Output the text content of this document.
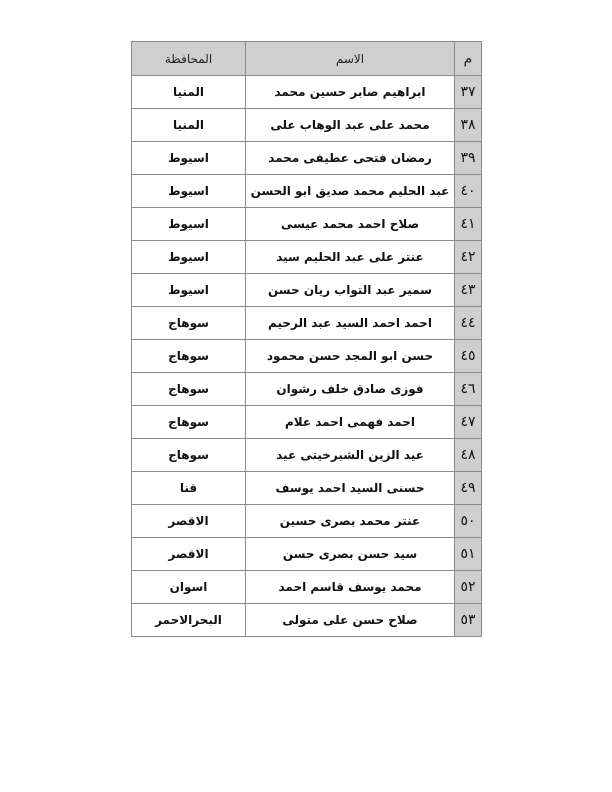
م	الاسم	المحافظة
٣٧	ابراهيم صابر حسين محمد	المنيا
٣٨	محمد على عبد الوهاب على	المنيا
٣٩	رمضان فتحى عطيفى محمد	اسيوط
٤٠	عبد الحليم محمد صديق ابو الحسن	اسيوط
٤١	صلاح احمد محمد عيسى	اسيوط
٤٢	عنتر على عبد الحليم سيد	اسيوط
٤٣	سمير عبد التواب ريان حسن	اسيوط
٤٤	احمد احمد السيد عبد الرحيم	سوهاج
٤٥	حسن ابو المجد حسن محمود	سوهاج
٤٦	فوزى صادق خلف رشوان	سوهاج
٤٧	احمد فهمى احمد علام	سوهاج
٤٨	عيد الزين الشبرخيتى عيد	سوهاج
٤٩	حسنى السيد احمد يوسف	قنا
٥٠	عنتر محمد بصرى حسين	الاقصر
٥١	سيد حسن بصرى حسن	الاقصر
٥٢	محمد يوسف قاسم احمد	اسوان
٥٣	صلاح حسن على متولى	البحرالاحمر
